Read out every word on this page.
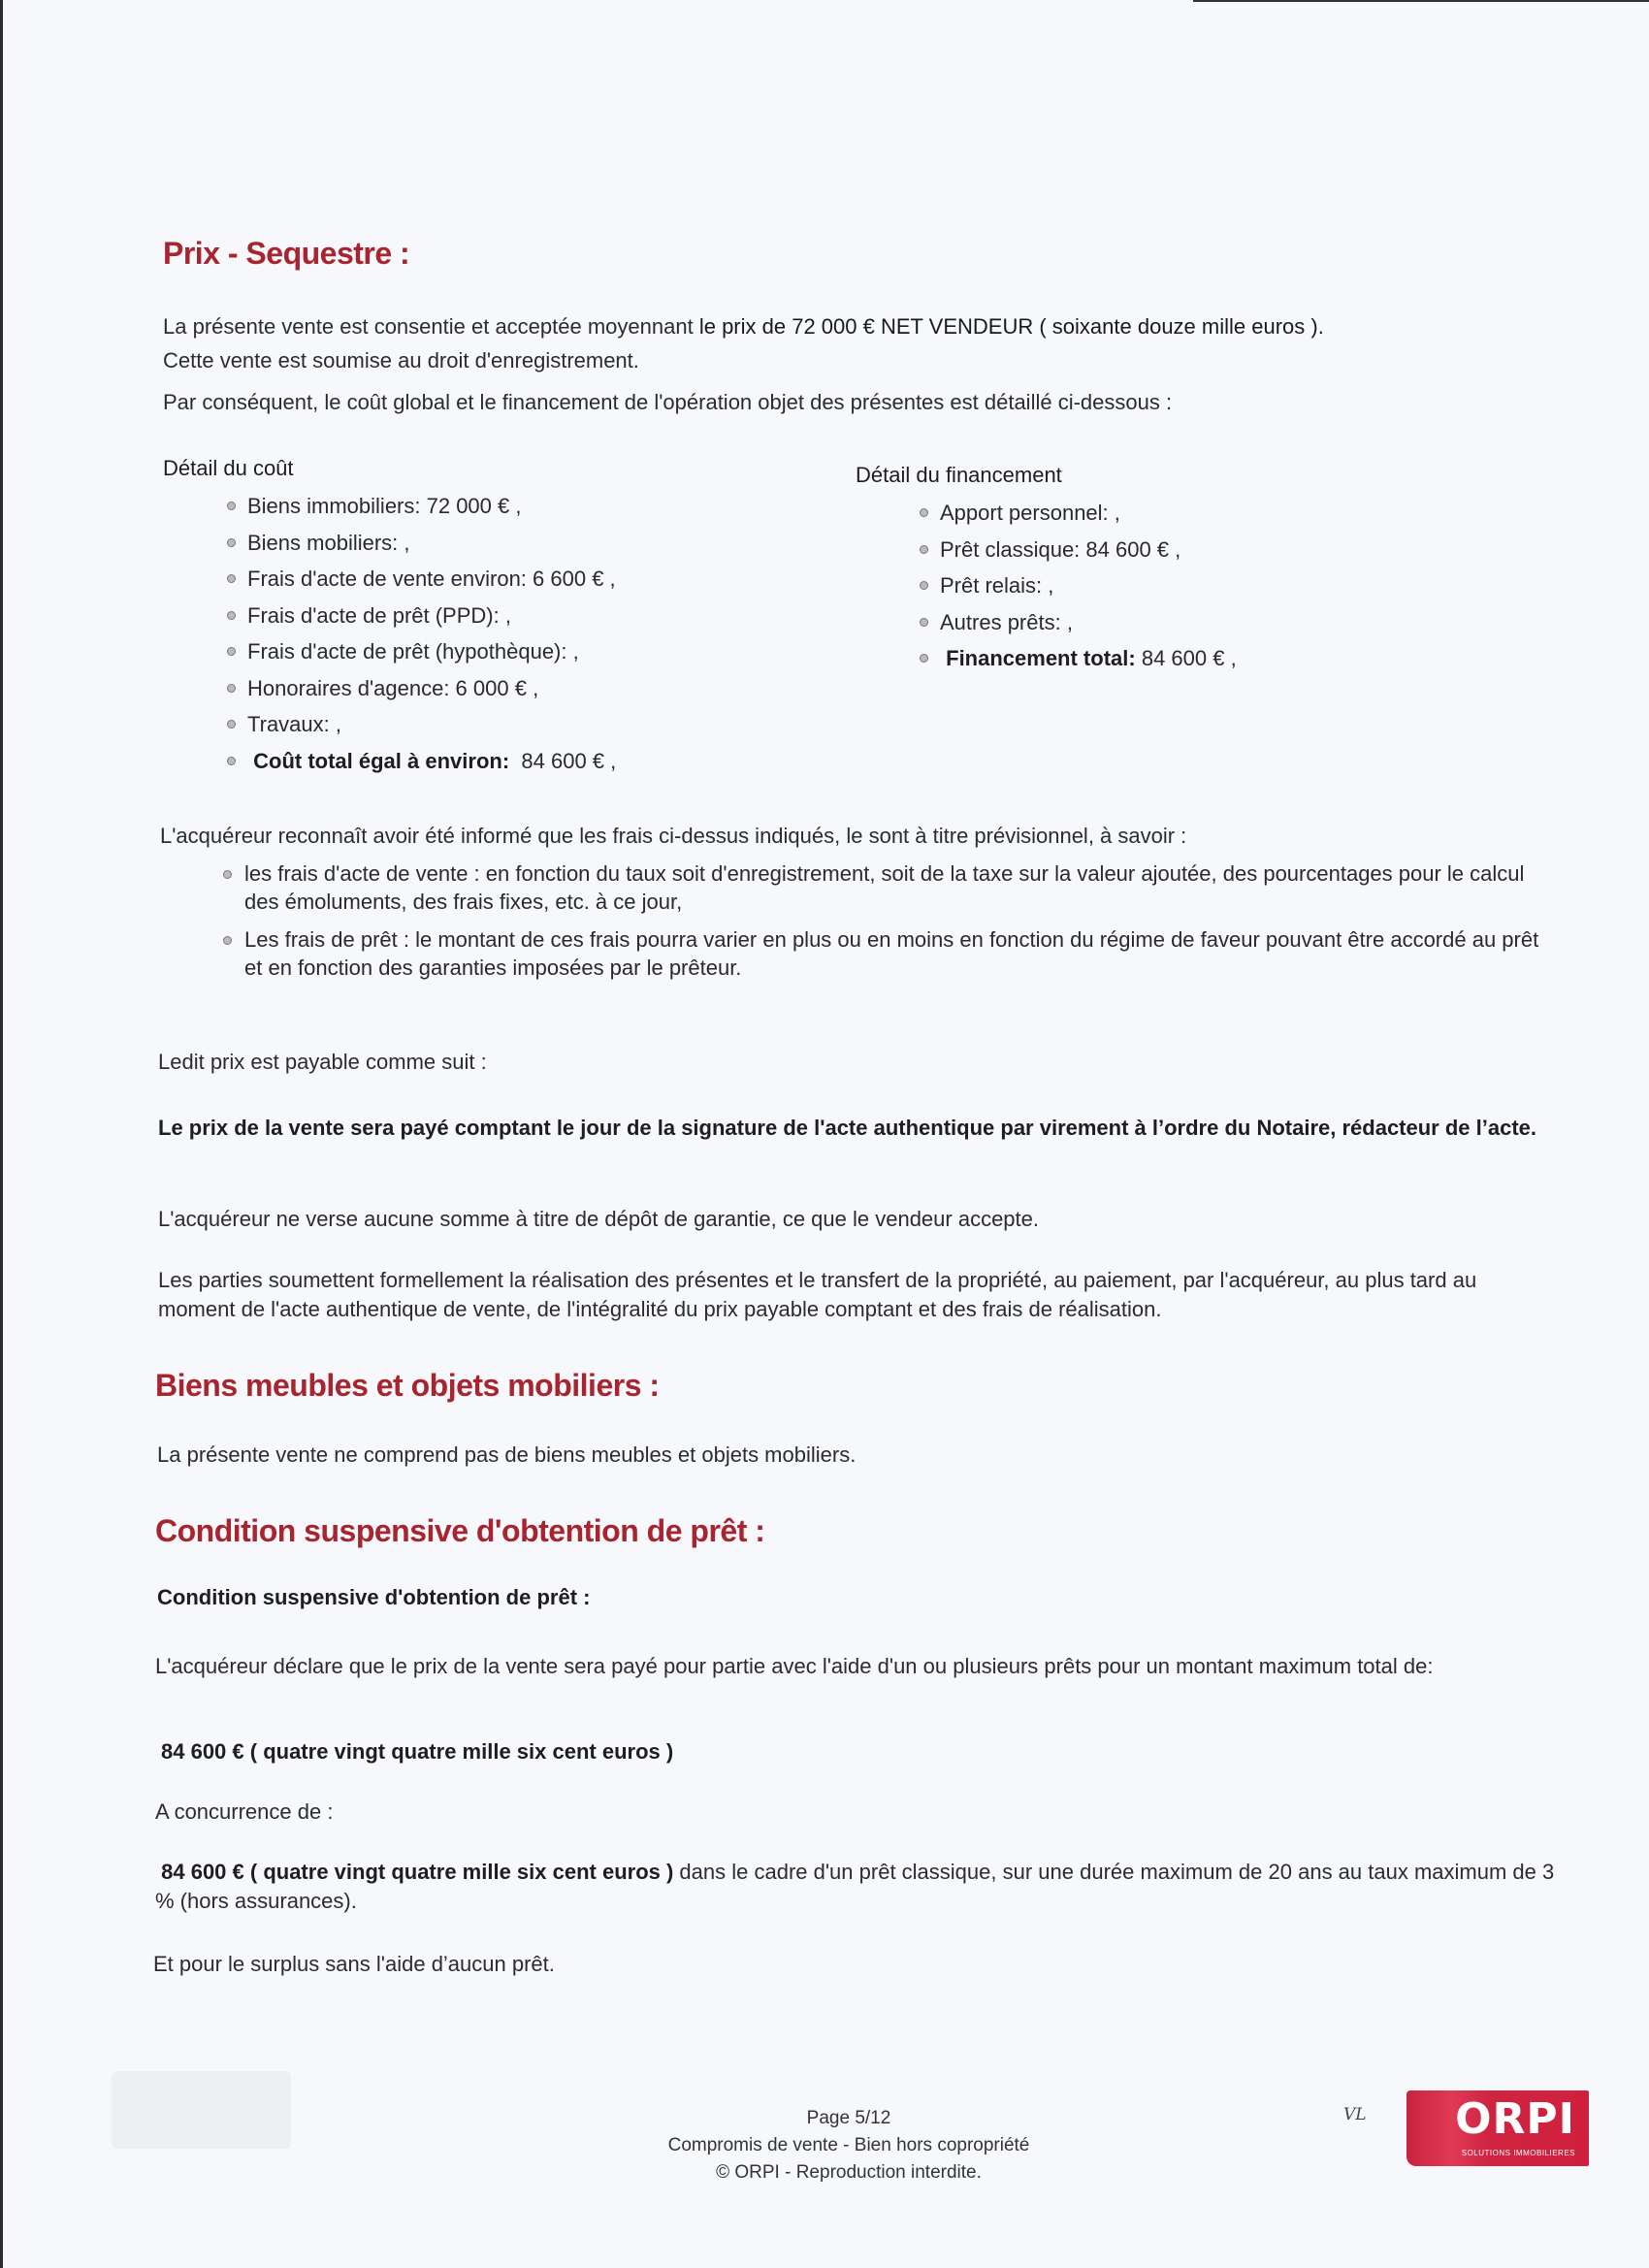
Prix - Sequestre :
La présente vente est consentie et acceptée moyennant le prix de 72 000 € NET VENDEUR ( soixante douze mille euros ).
Cette vente est soumise au droit d'enregistrement.
Par conséquent, le coût global et le financement de l'opération objet des présentes est détaillé ci-dessous :
Détail du coût
Biens immobiliers: 72 000 € ,
Biens mobiliers: ,
Frais d'acte de vente environ: 6 600 € ,
Frais d'acte de prêt (PPD): ,
Frais d'acte de prêt (hypothèque): ,
Honoraires d'agence: 6 000 € ,
Travaux: ,
Coût total égal à environ: 84 600 € ,
Détail du financement
Apport personnel: ,
Prêt classique: 84 600 € ,
Prêt relais: ,
Autres prêts: ,
Financement total: 84 600 € ,
L'acquéreur reconnaît avoir été informé que les frais ci-dessus indiqués, le sont à titre prévisionnel, à savoir :
les frais d'acte de vente : en fonction du taux soit d'enregistrement, soit de la taxe sur la valeur ajoutée, des pourcentages pour le calcul des émoluments, des frais fixes, etc. à ce jour,
Les frais de prêt : le montant de ces frais pourra varier en plus ou en moins en fonction du régime de faveur pouvant être accordé au prêt et en fonction des garanties imposées par le prêteur.
Ledit prix est payable comme suit :
Le prix de la vente sera payé comptant le jour de la signature de l'acte authentique par virement à l’ordre du Notaire, rédacteur de l’acte.
L'acquéreur ne verse aucune somme à titre de dépôt de garantie, ce que le vendeur accepte.
Les parties soumettent formellement la réalisation des présentes et le transfert de la propriété, au paiement, par l'acquéreur, au plus tard au moment de l'acte authentique de vente, de l'intégralité du prix payable comptant et des frais de réalisation.
Biens meubles et objets mobiliers :
La présente vente ne comprend pas de biens meubles et objets mobiliers.
Condition suspensive d'obtention de prêt :
Condition suspensive d'obtention de prêt :
L'acquéreur déclare que le prix de la vente sera payé pour partie avec l'aide d'un ou plusieurs prêts pour un montant maximum total de:
84 600 € ( quatre vingt quatre mille six cent euros )
A concurrence de :
84 600 € ( quatre vingt quatre mille six cent euros ) dans le cadre d'un prêt classique, sur une durée maximum de 20 ans au taux maximum de 3 % (hors assurances).
Et pour le surplus sans l'aide d’aucun prêt.
Page 5/12
Compromis de vente - Bien hors copropriété
© ORPI - Reproduction interdite.
VL ORPI
SOLUTIONS IMMOBILIERES
